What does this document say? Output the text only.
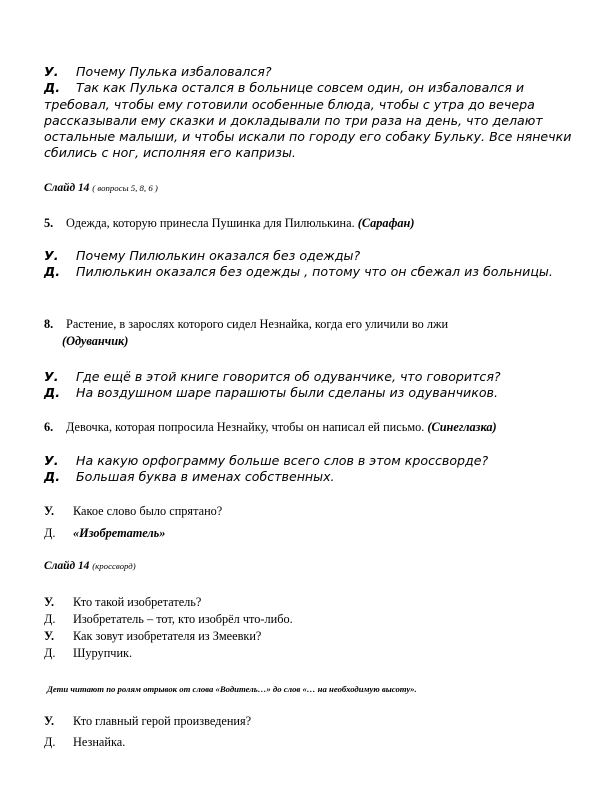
У.	Почему Пулька избаловался?
Д.	Так как Пулька остался в больнице совсем один, он избаловался и требовал, чтобы ему готовили особенные блюда, чтобы с утра до вечера рассказывали ему сказки и докладывали по три раза на день, что делают остальные малыши, и чтобы искали по городу его собаку Бульку. Все нянечки сбились с ног, исполняя его капризы.
Слайд 14 ( вопросы 5, 8, 6 )
5.	Одежда, которую принесла Пушинка для Пилюлькина. (Сарафан)
У.	Почему Пилюлькин оказался без одежды?
Д.	Пилюлькин оказался без одежды , потому что он сбежал из больницы.
8.	Растение, в зарослях которого сидел Незнайка, когда его уличили во лжи
(Одуванчик)
У.	Где ещё в этой книге говорится об одуванчике, что говорится?
Д.	На воздушном шаре парашюты были сделаны из одуванчиков.
6.	Девочка, которая попросила Незнайку, чтобы он написал ей письмо. (Синеглазка)
У.	На какую орфограмму больше всего слов в этом кроссворде?
Д.	Большая буква в именах собственных.
У.	Какое слово было спрятано?
Д.	«Изобретатель»
Слайд 14 (кроссворд)
У.	Кто такой изобретатель?
Д.	Изобретатель – тот, кто изобрёл что-либо.
У.	Как зовут изобретателя из Змеевки?
Д.	Шурупчик.
Дети читают по ролям отрывок от слова «Водитель…» до слов «… на необходимую высоту».
У.	Кто главный герой произведения?
Д.	Незнайка.
